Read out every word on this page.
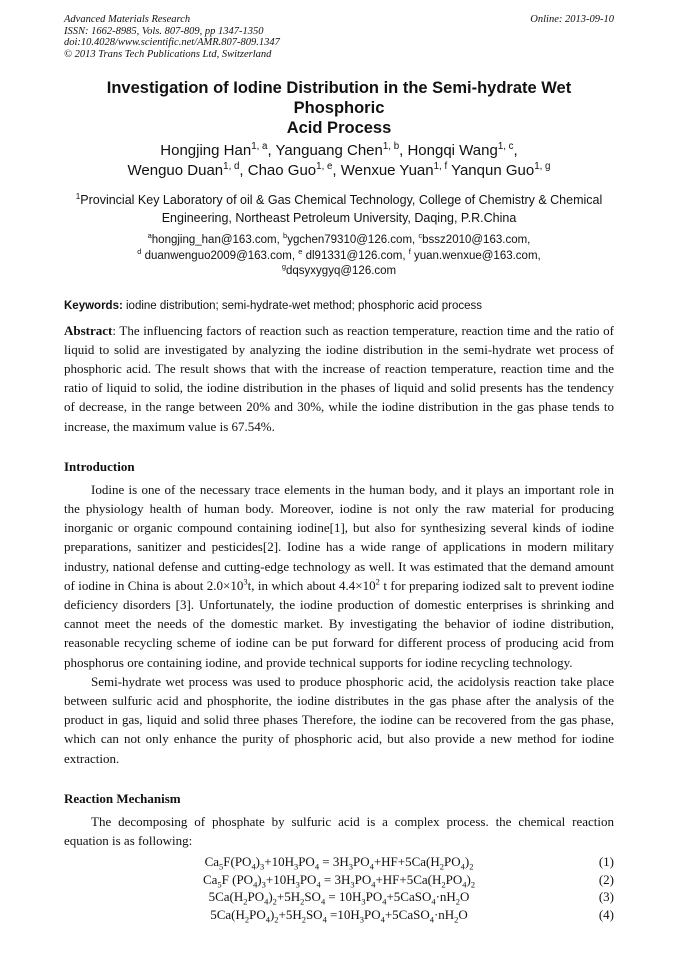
Advanced Materials Research
ISSN: 1662-8985, Vols. 807-809, pp 1347-1350
doi:10.4028/www.scientific.net/AMR.807-809.1347
© 2013 Trans Tech Publications Ltd, Switzerland
Online: 2013-09-10
Investigation of Iodine Distribution in the Semi-hydrate Wet Phosphoric
Acid Process
Hongjing Han$^{1, a}$, Yanguang Chen$^{1, b}$, Hongqi Wang$^{1, c}$,
Wenguo Duan$^{1, d}$, Chao Guo$^{1, e}$, Wenxue Yuan$^{1, f}$ Yanqun Guo$^{1, g}$
$^1$Provincial Key Laboratory of oil & Gas Chemical Technology, College of Chemistry & Chemical
Engineering, Northeast Petroleum University, Daqing, P.R.China
$^a$hongjing_han@163.com, $^b$ygchen79310@126.com, $^c$bssz2010@163.com,
$^d$ duanwenguo2009@163.com, $^e$ dl91331@126.com, $^f$ yuan.wenxue@163.com,
$^g$dqsyxygyq@126.com
Keywords: iodine distribution; semi-hydrate-wet method; phosphoric acid process
Abstract: The influencing factors of reaction such as reaction temperature, reaction time and the ratio of liquid to solid are investigated by analyzing the iodine distribution in the semi-hydrate wet process of phosphoric acid. The result shows that with the increase of reaction temperature, reaction time and the ratio of liquid to solid, the iodine distribution in the phases of liquid and solid presents has the tendency of decrease, in the range between 20% and 30%, while the iodine distribution in the gas phase tends to increase, the maximum value is 67.54%.
Introduction

Iodine is one of the necessary trace elements in the human body, and it plays an important role in the physiology health of human body. Moreover, iodine is not only the raw material for producing inorganic or organic compound containing iodine[1], but also for synthesizing several kinds of iodine preparations, sanitizer and pesticides[2]. Iodine has a wide range of applications in modern military industry, national defense and cutting-edge technology as well. It was estimated that the demand amount of iodine in China is about $2.0\times 10^3t$, in which about $4.4\times 10^2$ t for preparing iodized salt to prevent iodine deficiency disorders [3]. Unfortunately, the iodine production of domestic enterprises is shrinking and cannot meet the needs of the domestic market. By investigating the behavior of iodine distribution, reasonable recycling scheme of iodine can be put forward for different process of producing acid from phosphorus ore containing iodine, and provide technical supports for iodine recycling technology.

Semi-hydrate wet process was used to produce phosphoric acid, the acidolysis reaction take place between sulfuric acid and phosphorite, the iodine distributes in the gas phase after the analysis of the product in gas, liquid and solid three phases Therefore, the iodine can be recovered from the gas phase, which can not only enhance the purity of phosphoric acid, but also provide a new method for iodine extraction.

Reaction Mechanism

The decomposing of phosphate by sulfuric acid is a complex process. the chemical reaction equation is as following:

$Ca_5F(PO_4)_3+10H_3PO_4 = 3H_3PO_4+HF+5Ca(H_2PO_4)_2$	(1)
$Ca_5F$ $(PO_4)_3+10H_3PO_4 = 3H_3PO_4+HF+5Ca(H_2PO_4)_2$	(2)
$5Ca(H_2PO_4)_2+5H_2SO_4$ = $10H_3PO_4+5CaSO_4\cdot nH_2O$	(3)
$5Ca(H_2PO_4)_2+5H_2SO_4$ $=10H_3PO_4+5CaSO_4\cdot nH_2O$	(4)
